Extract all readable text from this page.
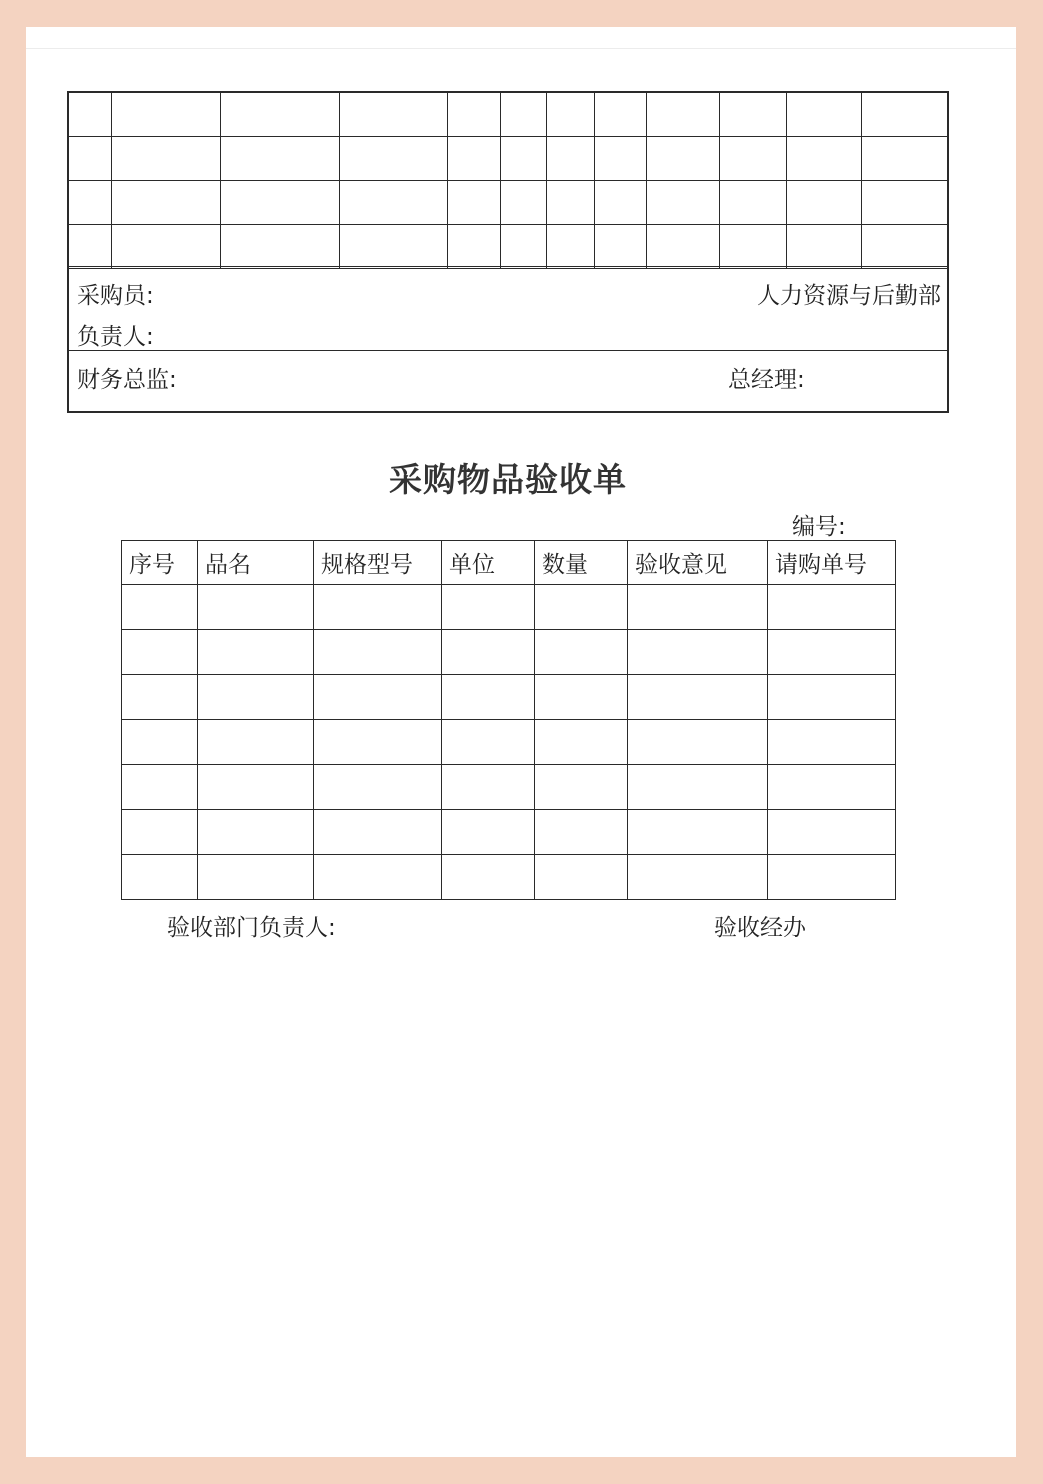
采购员:	人力资源与后勤部
负责人:
财务总监:	总经理:
采购物品验收单
编号:
序号	品名	规格型号	单位	数量	验收意见	请购单号

验收部门负责人:	验收经办
